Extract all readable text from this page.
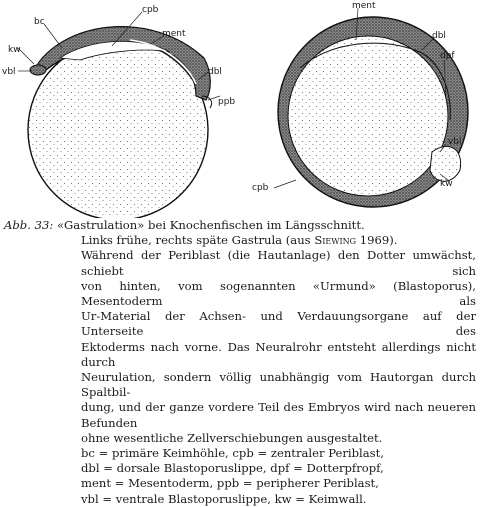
bc
cpb
ment
kw
vbl	dbl
ppb
ment
dbl
dpf
vbl
cpb	kw
Abb. 33: «Gastrulation» bei Knochenfischen im Längsschnitt.
Links frühe, rechts späte Gastrula (aus Siewing 1969).
Während der Periblast (die Hautanlage) den Dotter umwächst, schiebt sich
von hinten, vom sogenannten «Urmund» (Blastoporus), Mesentoderm als
Ur-Material der Achsen- und Verdauungsorgane auf der Unterseite des
Ektoderms nach vorne. Das Neuralrohr entsteht allerdings nicht durch
Neurulation, sondern völlig unabhängig vom Hautorgan durch Spaltbil-
dung, und der ganze vordere Teil des Embryos wird nach neueren Befunden
ohne wesentliche Zellverschiebungen ausgestaltet.
bc = primäre Keimhöhle, cpb = zentraler Periblast,
dbl = dorsale Blastoporuslippe, dpf = Dotterpfropf,
ment = Mesentoderm, ppb = peripherer Periblast,
vbl = ventrale Blastoporuslippe, kw = Keimwall.
